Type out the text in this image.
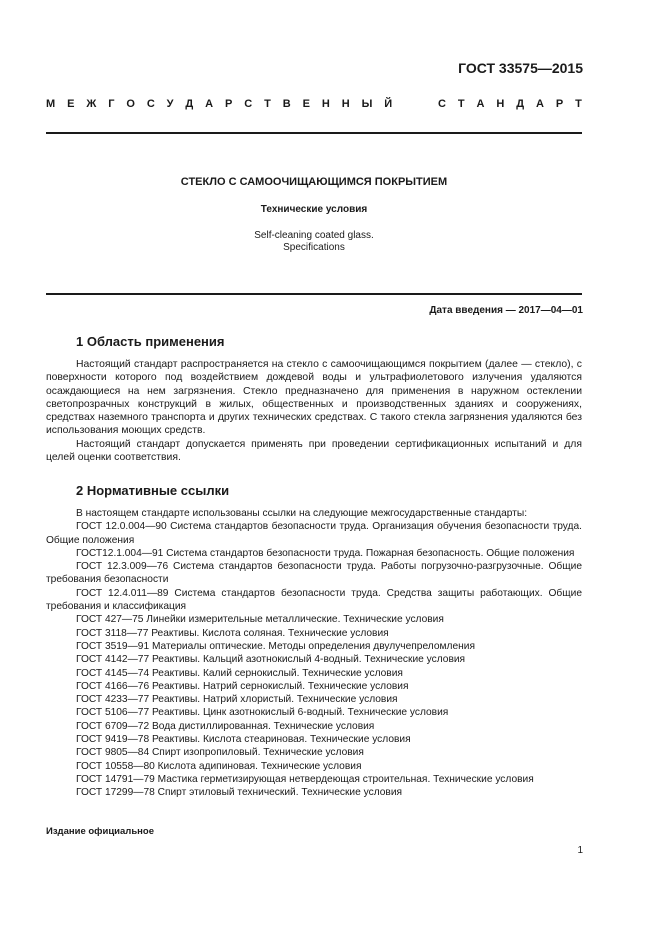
ГОСТ 33575—2015
М Е Ж Г О С У Д А Р С Т В Е Н Н Ы Й	С Т А Н Д А Р Т
СТЕКЛО С САМООЧИЩАЮЩИМСЯ ПОКРЫТИЕМ
Технические условия
Self-cleaning coated glass.
Specifications
Дата введения — 2017—04—01
1 Область применения

Настоящий стандарт распространяется на стекло с самоочищающимся покрытием (далее — стекло), с поверхности которого под воздействием дождевой воды и ультрафиолетового излучения удаляются осаждающиеся на нем загрязнения. Стекло предназначено для применения в наружном остеклении светопрозрачных конструкций в жилых, общественных и производственных зданиях и сооружениях, средствах наземного транспорта и других технических средствах. С такого стекла загрязнения удаляются без использования моющих средств.

Настоящий стандарт допускается применять при проведении сертификационных испытаний и для целей оценки соответствия.

2 Нормативные ссылки

В настоящем стандарте использованы ссылки на следующие межгосударственные стандарты:

ГОСТ 12.0.004—90 Система стандартов безопасности труда. Организация обучения безопасности труда. Общие положения

ГОСТ12.1.004—91 Система стандартов безопасности труда. Пожарная безопасность. Общие положения

ГОСТ 12.3.009—76 Система стандартов безопасности труда. Работы погрузочно-разгрузочные. Общие требования безопасности

ГОСТ 12.4.011—89 Система стандартов безопасности труда. Средства защиты работающих. Общие требования и классификация

ГОСТ 427—75 Линейки измерительные металлические. Технические условия

ГОСТ 3118—77 Реактивы. Кислота соляная. Технические условия

ГОСТ 3519—91 Материалы оптические. Методы определения двулучепреломления

ГОСТ 4142—77 Реактивы. Кальций азотнокислый 4-водный. Технические условия

ГОСТ 4145—74 Реактивы. Калий сернокислый. Технические условия

ГОСТ 4166—76 Реактивы. Натрий сернокислый. Технические условия

ГОСТ 4233—77 Реактивы. Натрий хлористый. Технические условия

ГОСТ 5106—77 Реактивы. Цинк азотнокислый 6-водный. Технические условия

ГОСТ 6709—72 Вода дистиллированная. Технические условия

ГОСТ 9419—78 Реактивы. Кислота стеариновая. Технические условия

ГОСТ 9805—84 Спирт изопропиловый. Технические условия

ГОСТ 10558—80 Кислота адипиновая. Технические условия

ГОСТ 14791—79 Мастика герметизирующая нетвердеющая строительная. Технические условия

ГОСТ 17299—78 Спирт этиловый технический. Технические условия

Издание официальное
1
